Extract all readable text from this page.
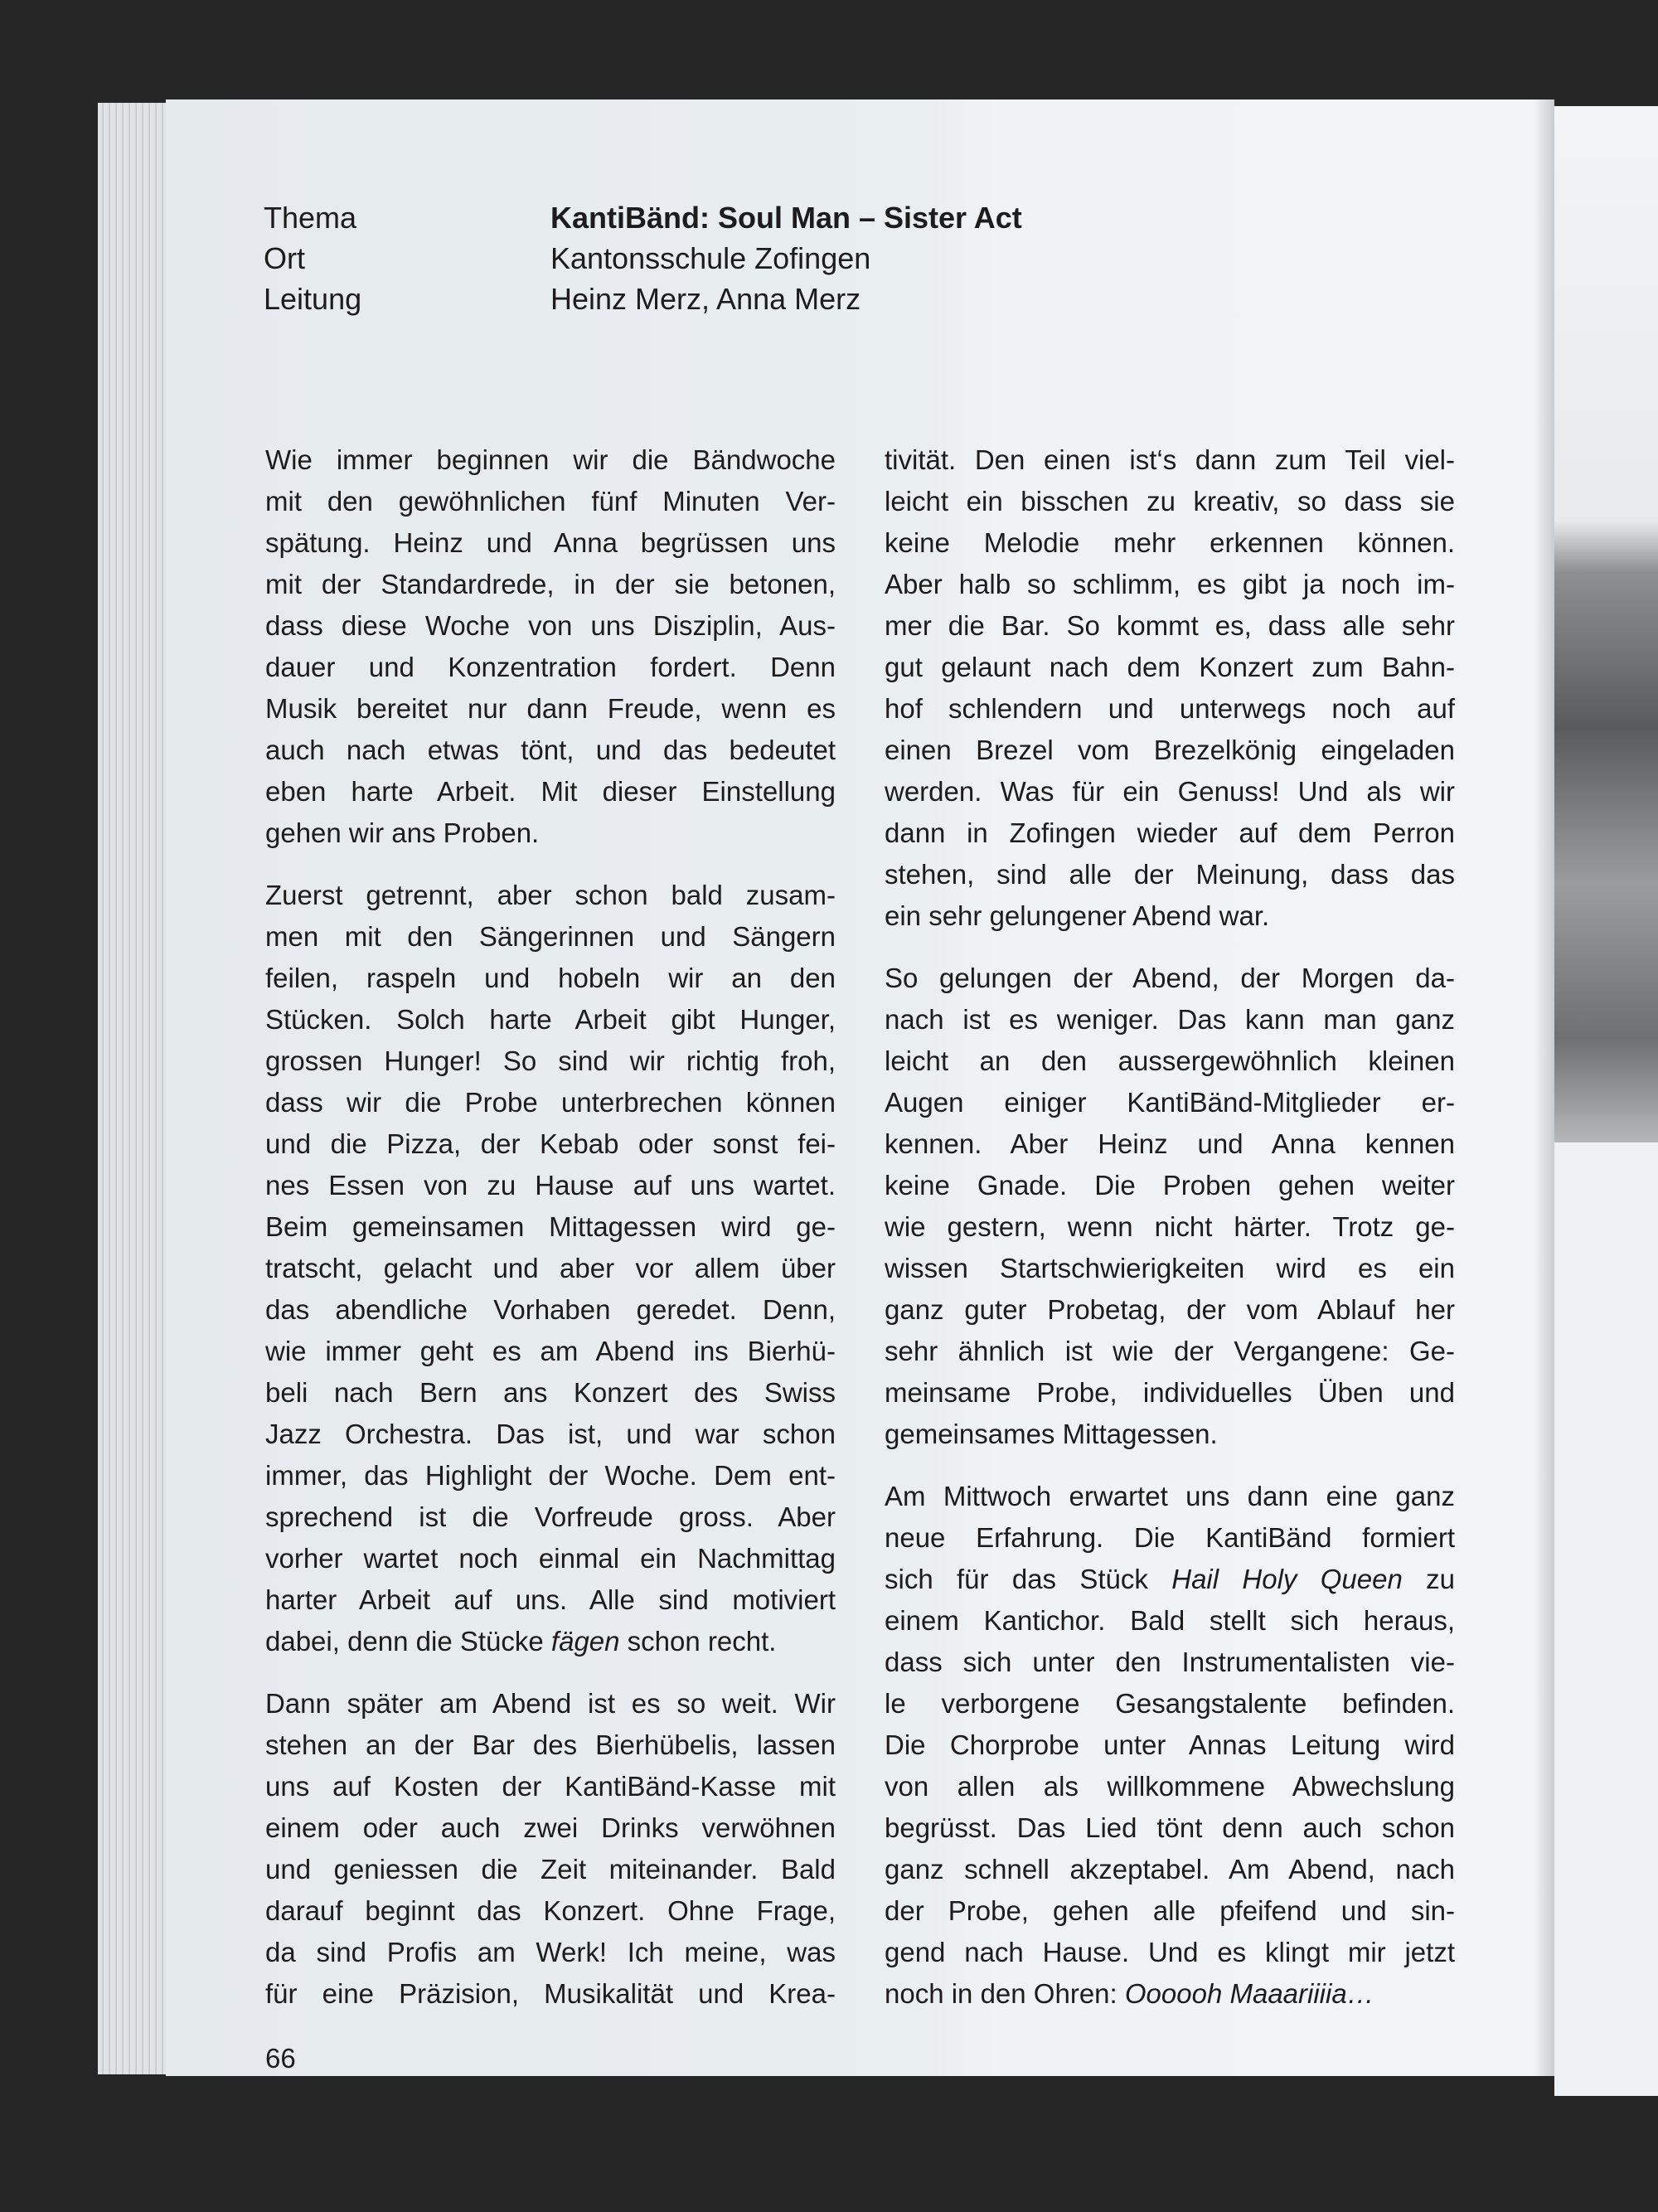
Thema	KantiBänd: Soul Man – Sister Act
Ort	Kantonsschule Zofingen
Leitung	Heinz Merz, Anna Merz
Wie immer beginnen wir die Bändwoche
mit den gewöhnlichen fünf Minuten Ver-
spätung. Heinz und Anna begrüssen uns
mit der Standardrede, in der sie betonen,
dass diese Woche von uns Disziplin, Aus-
dauer und Konzentration fordert. Denn
Musik bereitet nur dann Freude, wenn es
auch nach etwas tönt, und das bedeutet
eben harte Arbeit. Mit dieser Einstellung
gehen wir ans Proben.
Zuerst getrennt, aber schon bald zusam-
men mit den Sängerinnen und Sängern
feilen, raspeln und hobeln wir an den
Stücken. Solch harte Arbeit gibt Hunger,
grossen Hunger! So sind wir richtig froh,
dass wir die Probe unterbrechen können
und die Pizza, der Kebab oder sonst fei-
nes Essen von zu Hause auf uns wartet.
Beim gemeinsamen Mittagessen wird ge-
tratscht, gelacht und aber vor allem über
das abendliche Vorhaben geredet. Denn,
wie immer geht es am Abend ins Bierhü-
beli nach Bern ans Konzert des Swiss
Jazz Orchestra. Das ist, und war schon
immer, das Highlight der Woche. Dem ent-
sprechend ist die Vorfreude gross. Aber
vorher wartet noch einmal ein Nachmittag
harter Arbeit auf uns. Alle sind motiviert
dabei, denn die Stücke fägen schon recht.
Dann später am Abend ist es so weit. Wir
stehen an der Bar des Bierhübelis, lassen
uns auf Kosten der KantiBänd-Kasse mit
einem oder auch zwei Drinks verwöhnen
und geniessen die Zeit miteinander. Bald
darauf beginnt das Konzert. Ohne Frage,
da sind Profis am Werk! Ich meine, was
für eine Präzision, Musikalität und Krea-
tivität. Den einen ist‘s dann zum Teil viel-
leicht ein bisschen zu kreativ, so dass sie
keine Melodie mehr erkennen können.
Aber halb so schlimm, es gibt ja noch im-
mer die Bar. So kommt es, dass alle sehr
gut gelaunt nach dem Konzert zum Bahn-
hof schlendern und unterwegs noch auf
einen Brezel vom Brezelkönig eingeladen
werden. Was für ein Genuss! Und als wir
dann in Zofingen wieder auf dem Perron
stehen, sind alle der Meinung, dass das
ein sehr gelungener Abend war.
So gelungen der Abend, der Morgen da-
nach ist es weniger. Das kann man ganz
leicht an den aussergewöhnlich kleinen
Augen einiger KantiBänd-Mitglieder er-
kennen. Aber Heinz und Anna kennen
keine Gnade. Die Proben gehen weiter
wie gestern, wenn nicht härter. Trotz ge-
wissen Startschwierigkeiten wird es ein
ganz guter Probetag, der vom Ablauf her
sehr ähnlich ist wie der Vergangene: Ge-
meinsame Probe, individuelles Üben und
gemeinsames Mittagessen.
Am Mittwoch erwartet uns dann eine ganz
neue Erfahrung. Die KantiBänd formiert
sich für das Stück Hail Holy Queen zu
einem Kantichor. Bald stellt sich heraus,
dass sich unter den Instrumentalisten vie-
le verborgene Gesangstalente befinden.
Die Chorprobe unter Annas Leitung wird
von allen als willkommene Abwechslung
begrüsst. Das Lied tönt denn auch schon
ganz schnell akzeptabel. Am Abend, nach
der Probe, gehen alle pfeifend und sin-
gend nach Hause. Und es klingt mir jetzt
noch in den Ohren: Oooooh Maaariiiia…
66
